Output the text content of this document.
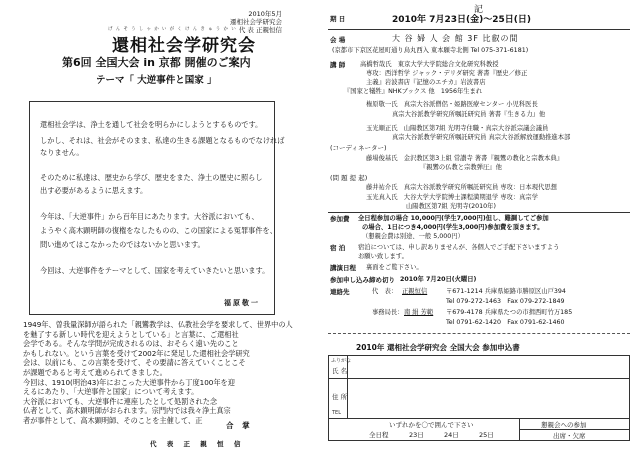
2010年5月
遷相社会学研究会
代 表 正親恒信
げんそうしゃかいがくけんきゅうかい
還相社会学研究会
第6回 全国大会 in 京都 開催のご案内
テーマ「 大逆事件と国家 」
還相社会学は、浄土を通して社会を明らかにしようとするものです。
しかし、それは、社会がそのまま、私達の生きる課題となるものでなければ
なりません。
そのために私達は、歴史から学び、歴史をまた、浄土の歴史に照らし
出す必要があるように思えます。
今年は、「大逆事件」から百年目にあたります。大谷派においても、
ようやく高木顕明師の復権をなしたものの、この国家による冤罪事件を、
問い進めてはこなかったのではないかと思います。
今回は、大逆事件をテーマとして、国家を考えていきたいと思います。
福原敬一
1949年、曽我量深師が語られた「親鸞教学は、仏教社会学を要求して、世界中の人
を魅了する新しい時代を迎えようとしている」と言葉に、ご還相社
会学である。そんな学問が完成されるのは、おそらく遠い先のこと
かもしれない。という言葉を受けて2002年に発足した還相社会学研究
会は、以前にも、この言葉を受けて、その要請に答えていくことこそ
が課題であると考えて進められてきました。
今回は、1910(明治43)年におこった大逆事件から丁度100年を迎
えるにあたり、「大逆事件と国家」について考えます。
大谷派においても、大逆事件に連座したとして処罰された念
仏者として、高木顕明師がおられます。宗門内では我々浄土真宗
者が事件として、高木顕明師、そのことを主催して、正
合 掌
代 表 正 親 恒 信
記
期 日	2010年 7月23日(金)〜25日(日)
会 場	大 谷 婦 人 会 館 3F 比叡の間
(京都市下京区花屋町通り烏丸西入 東本願寺北側 Tel 075-371-6181)
講 師 高橋哲哉氏　東京大学大学院総合文化研究科教授
専攻：西洋哲学 ジャック・デリダ研究 著書『歴史／修正
主義』岩波書店『記憶のエチカ』岩波書店
『国家と犠牲』NHKブックス 他　1956年生まれ
権原敬一氏　真宗大谷派僧侶・姫路医療センター 小児科医長
真宗大谷派教学研究所嘱託研究員 著書『生きる力』他
玉光順正氏　山陽教区第7組 光明寺住職・真宗大谷派宗議会議員
真宗大谷派教学研究所嘱託研究員 真宗大谷派解放運動推進本部
(コーディネーター)
藤場俊基氏　金沢教区第3上組 常讃寺 著書『親鸞の教化と宗教本典』
『親鸞の仏教と宗教弾圧』他
(問 題 提 起)
藤井祐介氏　真宗大谷派教学研究所嘱託研究員 専攻：日本現代思想
玉光真入氏　大谷大学大学院博士課程満期退学 専攻：真宗学
山陽教区第7組 光明寺(2010年)
参加費 全日程参加の場合 10,000円(学生7,000円)但し、難調してご参加
の場合、1日につき4,000円(学生3,000円)参加費を頂きます。
（懇親会費は別途、一般 5,000円）
宿 泊 宿泊については、申し訳ありませんが、各個人でご手配下さいますよう
お願い致します。
講演日程 裏面をご覧下さい。
参加申し込み締め切り 2010年 7月20日(火曜日)
連絡先	代　表： 正親恒信	〒671-1214 兵庫県姫路市勝原区山戸394
Tel 079-272-1463　Fax 079-272-1849
事務局長： 南 絹 芳範 〒679-4178 兵庫県たつの市揖西町竹万185
Tel 0791-62-1420　Fax 0791-62-1460
2010年 還相社会学研究会 全国大会 参加申込書
ふりがな
氏 名
住 所
TEL
いずれかを〇で囲んで下さい
全日程	23日	24日	25日
懇親会への参加
出席・欠席
